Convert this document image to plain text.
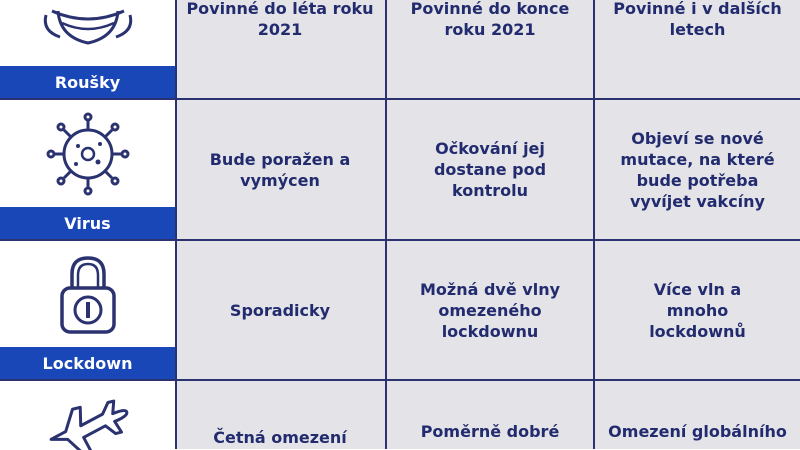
Roušky
Povinné do léta roku 2021
Povinné do konce roku 2021
Povinné i v dalších letech
Virus
Bude poražen a vymýcen
Očkování jej dostane pod kontrolu
Objeví se nové mutace, na které bude potřeba vyvíjet vakcíny
Lockdown
Sporadicky
Možná dvě vlny omezeného lockdownu
Více vln a mnoho lockdownů
Četná omezení	Poměrně dobré	Omezení globálního
